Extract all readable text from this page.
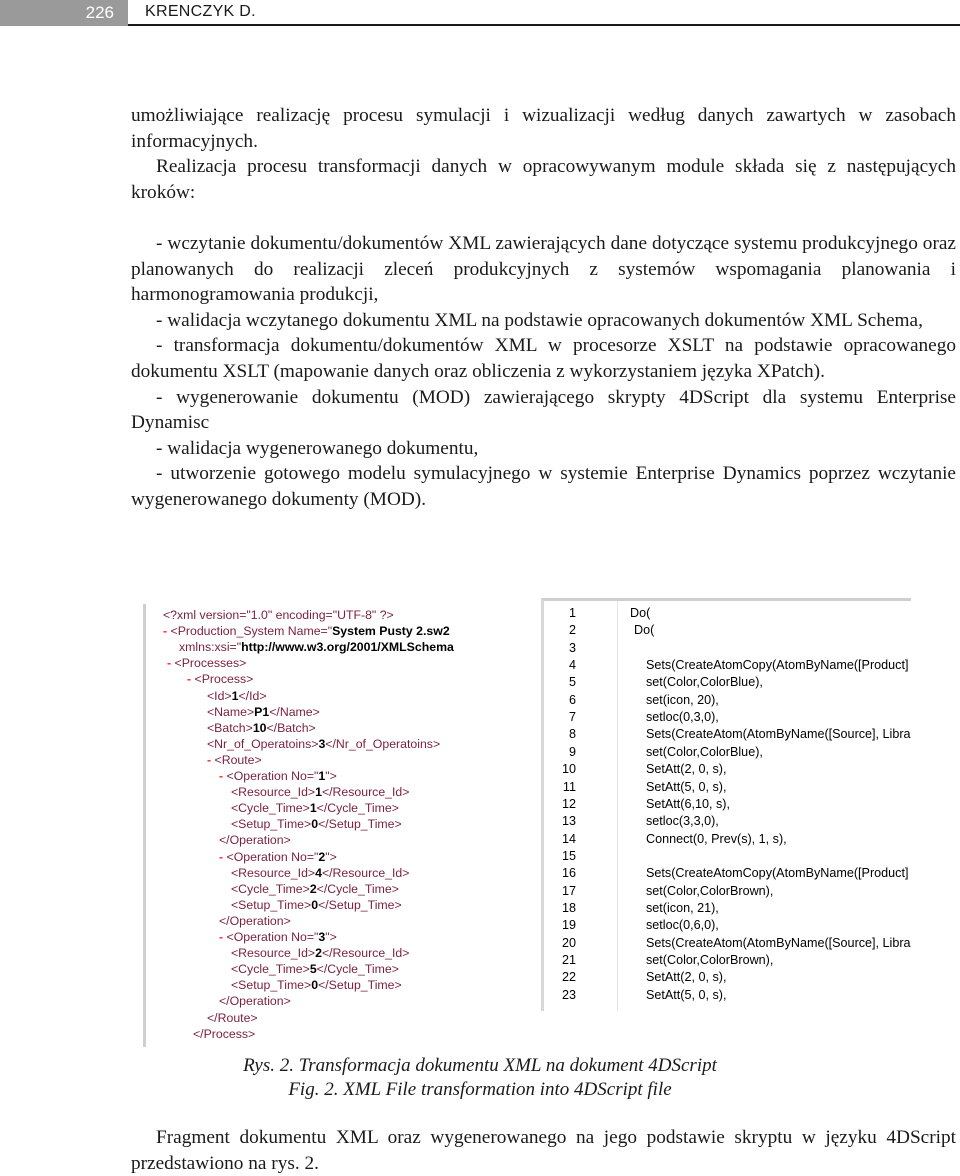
226	KRENCZYK D.

umożliwiające realizację procesu symulacji i wizualizacji według danych zawartych w zasobach informacyjnych.

Realizacja procesu transformacji danych w opracowywanym module składa się z następujących kroków:

- wczytanie dokumentu/dokumentów XML zawierających dane dotyczące systemu produkcyjnego oraz planowanych do realizacji zleceń produkcyjnych z systemów wspomagania planowania i harmonogramowania produkcji,

- walidacja wczytanego dokumentu XML na podstawie opracowanych dokumentów XML Schema,

- transformacja dokumentu/dokumentów XML w procesorze XSLT na podstawie opracowanego dokumentu XSLT (mapowanie danych oraz obliczenia z wykorzystaniem języka XPatch).

- wygenerowanie dokumentu (MOD) zawierającego skrypty 4DScript dla systemu Enterprise Dynamisc

- walidacja wygenerowanego dokumentu,

- utworzenie gotowego modelu symulacyjnego w systemie Enterprise Dynamics poprzez wczytanie wygenerowanego dokumenty (MOD).

<?xml version="1.0" encoding="UTF-8" ?>
- <Production_System Name="System Pusty 2.sw2
xmlns:xsi="http://www.w3.org/2001/XMLSchema
- <Processes>
- <Process>
<Id>1</Id>
<Name>P1</Name>
<Batch>10</Batch>
<Nr_of_Operatoins>3</Nr_of_Operatoins>
- <Route>
- <Operation No="1">
<Resource_Id>1</Resource_Id>
<Cycle_Time>1</Cycle_Time>
<Setup_Time>0</Setup_Time>
</Operation>
- <Operation No="2">
<Resource_Id>4</Resource_Id>
<Cycle_Time>2</Cycle_Time>
<Setup_Time>0</Setup_Time>
</Operation>
- <Operation No="3">
<Resource_Id>2</Resource_Id>
<Cycle_Time>5</Cycle_Time>
<Setup_Time>0</Setup_Time>
</Operation>
</Route>
</Process>
1
2
3
4
5
6
7
8
9
10
11
12
13
14
15
16
17
18
19
20
21
22
23
Do(
Do(
Sets(CreateAtomCopy(AtomByName([Product]
set(Color,ColorBlue),
set(icon, 20),
setloc(0,3,0),
Sets(CreateAtom(AtomByName([Source], Libra
set(Color,ColorBlue),
SetAtt(2, 0, s),
SetAtt(5, 0, s),
SetAtt(6,10, s),
setloc(3,3,0),
Connect(0, Prev(s), 1, s),
Sets(CreateAtomCopy(AtomByName([Product]
set(Color,ColorBrown),
set(icon, 21),
setloc(0,6,0),
Sets(CreateAtom(AtomByName([Source], Libra
set(Color,ColorBrown),
SetAtt(2, 0, s),
SetAtt(5, 0, s),
Rys. 2. Transformacja dokumentu XML na dokument 4DScript
Fig. 2. XML File transformation into 4DScript file

Fragment dokumentu XML oraz wygenerowanego na jego podstawie skryptu w języku 4DScript przedstawiono na rys. 2.
